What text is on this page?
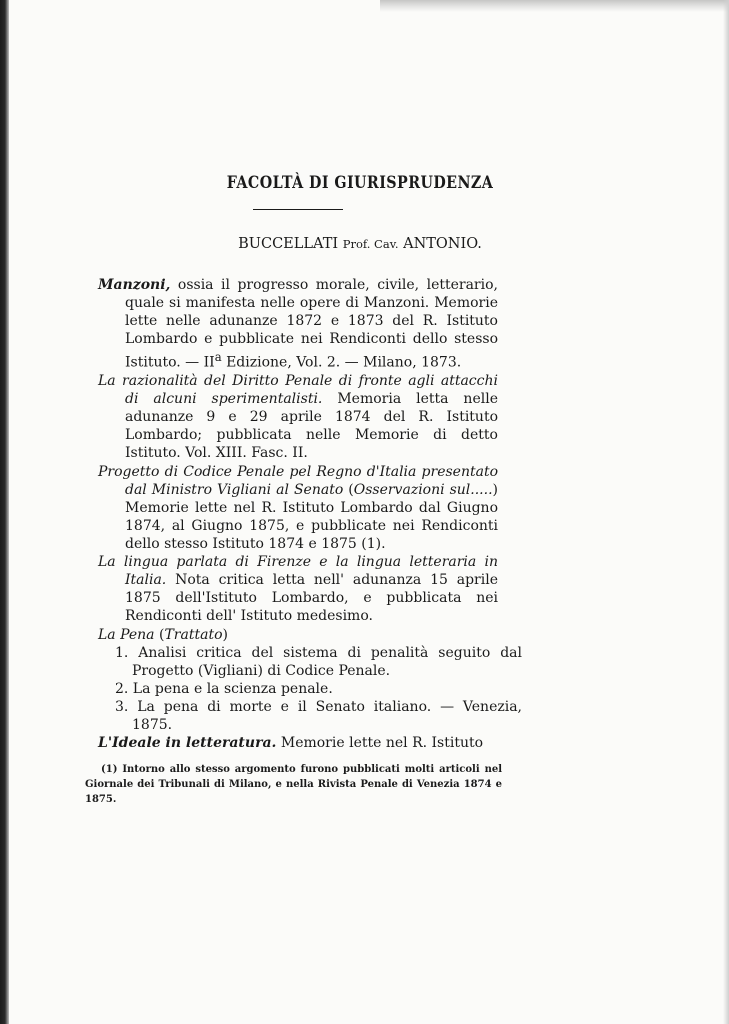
FACOLTÀ DI GIURISPRUDENZA

BUCCELLATI Prof. Cav. ANTONIO.

Manzoni, ossia il progresso morale, civile, letterario, quale si manifesta nelle opere di Manzoni. Memorie lette nelle adunanze 1872 e 1873 del R. Istituto Lombardo e pubblicate nei Rendiconti dello stesso Istituto. — $II^a$ Edizione, Vol. 2. — Milano, 1873.

La razionalità del Diritto Penale di fronte agli attacchi di alcuni sperimentalisti. Memoria letta nelle adunanze 9 e 29 aprile 1874 del R. Istituto Lombardo; pubblicata nelle Memorie di detto Istituto. Vol. XIII. Fasc. II.

Progetto di Codice Penale pel Regno d'Italia presentato dal Ministro Vigliani al Senato (Osservazioni sul.....) Memorie lette nel R. Istituto Lombardo dal Giugno 1874, al Giugno 1875, e pubblicate nei Rendiconti dello stesso Istituto 1874 e 1875 (1).

La lingua parlata di Firenze e la lingua letteraria in Italia. Nota critica letta nell' adunanza 15 aprile 1875 dell'Istituto Lombardo, e pubblicata nei Rendiconti dell' Istituto medesimo.

La Pena (Trattato)

1. Analisi critica del sistema di penalità seguito dal Progetto (Vigliani) di Codice Penale.

2. La pena e la scienza penale.

3. La pena di morte e il Senato italiano. — Venezia, 1875.

L'Ideale in letteratura. Memorie lette nel R. Istituto

(1) Intorno allo stesso argomento furono pubblicati molti articoli nel Giornale dei Tribunali di Milano, e nella Rivista Penale di Venezia 1874 e 1875.
